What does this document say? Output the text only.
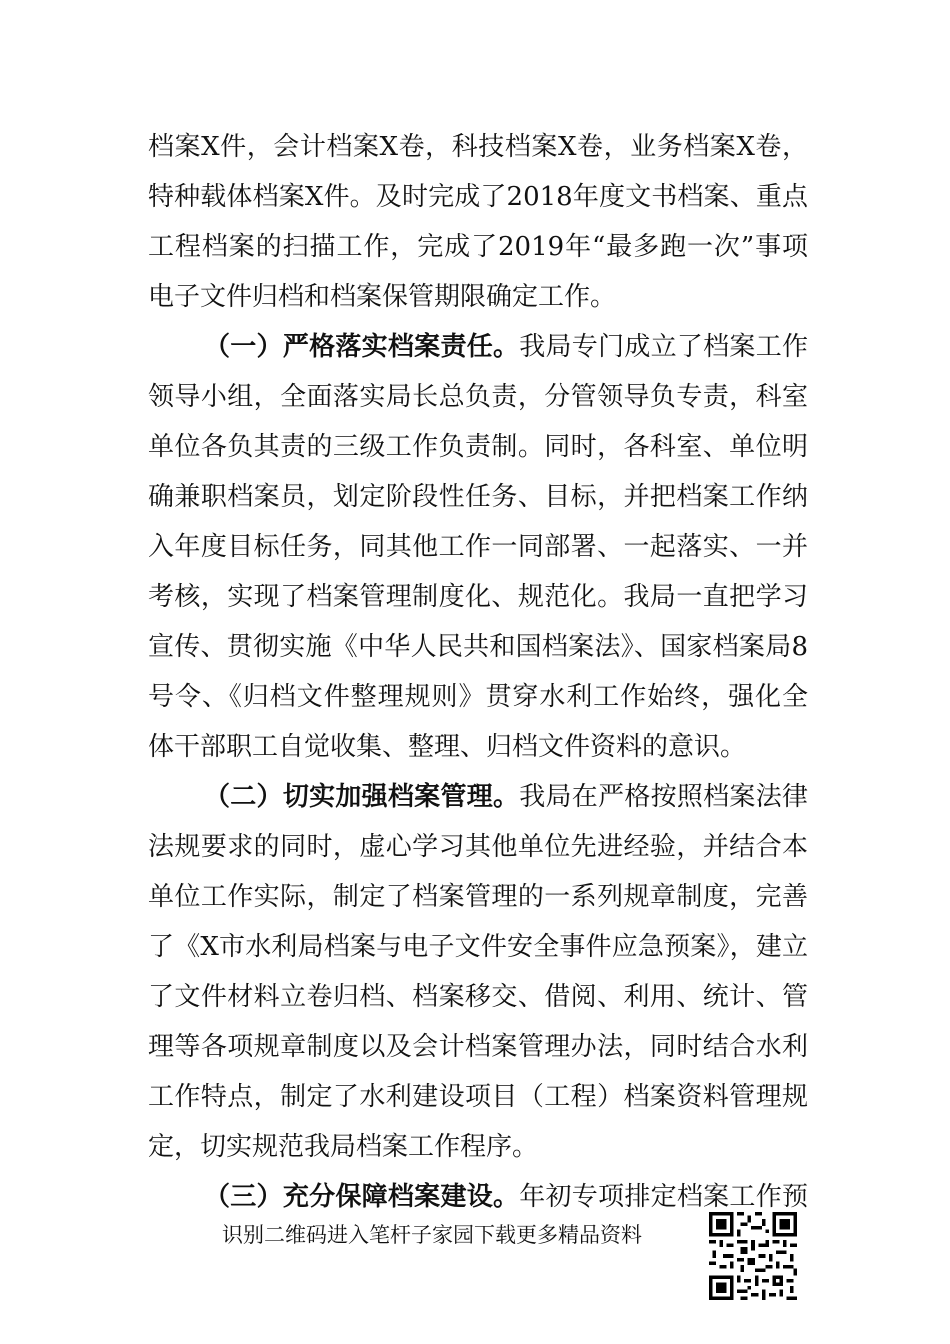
档案X件，会计档案X卷，科技档案X卷，业务档案X卷，
特种载体档案X件。及时完成了2018年度文书档案、重点
工程档案的扫描工作，完成了2019年“最多跑一次”事项
电子文件归档和档案保管期限确定工作。
（一）严格落实档案责任。我局专门成立了档案工作
领导小组，全面落实局长总负责，分管领导负专责，科室
单位各负其责的三级工作负责制。同时，各科室、单位明
确兼职档案员，划定阶段性任务、目标，并把档案工作纳
入年度目标任务，同其他工作一同部署、一起落实、一并
考核，实现了档案管理制度化、规范化。我局一直把学习
宣传、贯彻实施《中华人民共和国档案法》、国家档案局8
号令、《归档文件整理规则》贯穿水利工作始终，强化全
体干部职工自觉收集、整理、归档文件资料的意识。
（二）切实加强档案管理。我局在严格按照档案法律
法规要求的同时，虚心学习其他单位先进经验，并结合本
单位工作实际，制定了档案管理的一系列规章制度，完善
了《X市水利局档案与电子文件安全事件应急预案》，建立
了文件材料立卷归档、档案移交、借阅、利用、统计、管
理等各项规章制度以及会计档案管理办法，同时结合水利
工作特点，制定了水利建设项目（工程）档案资料管理规
定，切实规范我局档案工作程序。
（三）充分保障档案建设。年初专项排定档案工作预
识别二维码进入笔杆子家园下载更多精品资料
